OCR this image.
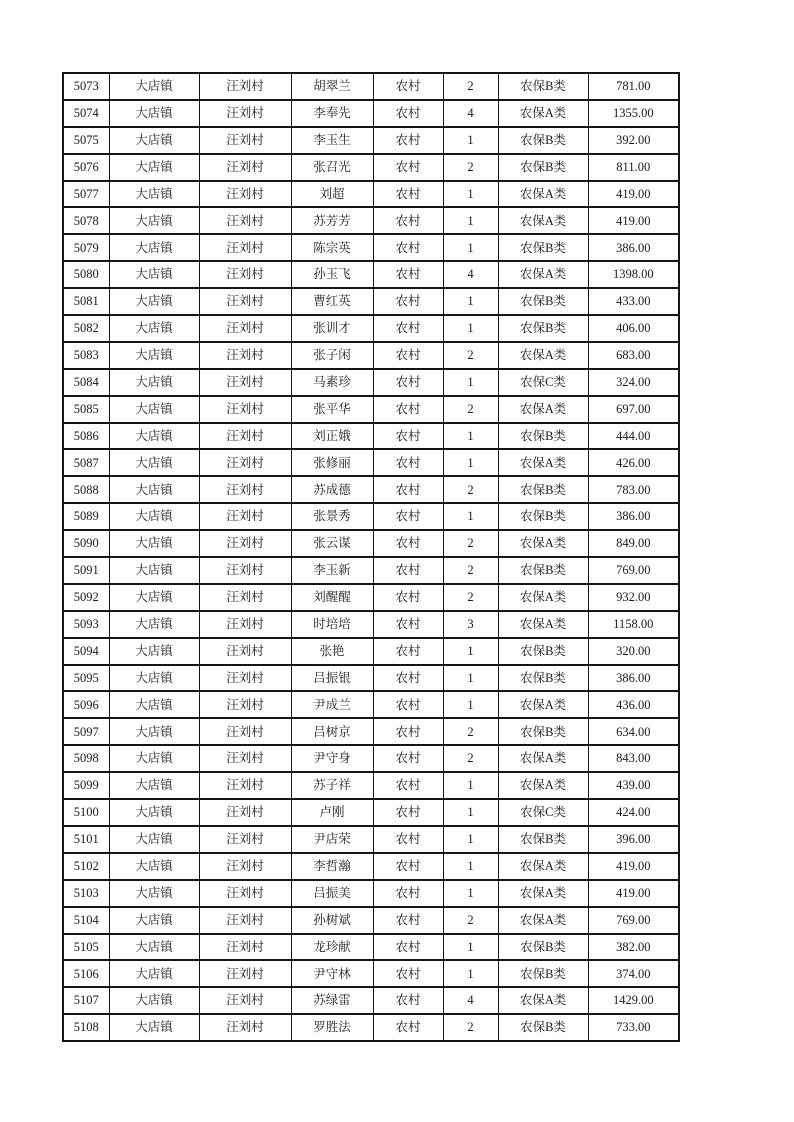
5073	大店镇	汪刘村	胡翠兰	农村	2	农保B类	781.00
5074	大店镇	汪刘村	李奉先	农村	4	农保A类	1355.00
5075	大店镇	汪刘村	李玉生	农村	1	农保B类	392.00
5076	大店镇	汪刘村	张召光	农村	2	农保B类	811.00
5077	大店镇	汪刘村	刘超	农村	1	农保A类	419.00
5078	大店镇	汪刘村	苏芳芳	农村	1	农保A类	419.00
5079	大店镇	汪刘村	陈宗英	农村	1	农保B类	386.00
5080	大店镇	汪刘村	孙玉飞	农村	4	农保A类	1398.00
5081	大店镇	汪刘村	曹红英	农村	1	农保B类	433.00
5082	大店镇	汪刘村	张训才	农村	1	农保B类	406.00
5083	大店镇	汪刘村	张子闲	农村	2	农保A类	683.00
5084	大店镇	汪刘村	马素珍	农村	1	农保C类	324.00
5085	大店镇	汪刘村	张平华	农村	2	农保A类	697.00
5086	大店镇	汪刘村	刘正娥	农村	1	农保B类	444.00
5087	大店镇	汪刘村	张修丽	农村	1	农保A类	426.00
5088	大店镇	汪刘村	苏成德	农村	2	农保B类	783.00
5089	大店镇	汪刘村	张景秀	农村	1	农保B类	386.00
5090	大店镇	汪刘村	张云谋	农村	2	农保A类	849.00
5091	大店镇	汪刘村	李玉新	农村	2	农保B类	769.00
5092	大店镇	汪刘村	刘醒醒	农村	2	农保A类	932.00
5093	大店镇	汪刘村	时培培	农村	3	农保A类	1158.00
5094	大店镇	汪刘村	张艳	农村	1	农保B类	320.00
5095	大店镇	汪刘村	吕振银	农村	1	农保B类	386.00
5096	大店镇	汪刘村	尹成兰	农村	1	农保A类	436.00
5097	大店镇	汪刘村	吕树京	农村	2	农保B类	634.00
5098	大店镇	汪刘村	尹守身	农村	2	农保A类	843.00
5099	大店镇	汪刘村	苏子祥	农村	1	农保A类	439.00
5100	大店镇	汪刘村	卢刚	农村	1	农保C类	424.00
5101	大店镇	汪刘村	尹店荣	农村	1	农保B类	396.00
5102	大店镇	汪刘村	李哲瀚	农村	1	农保A类	419.00
5103	大店镇	汪刘村	吕振美	农村	1	农保A类	419.00
5104	大店镇	汪刘村	孙树斌	农村	2	农保A类	769.00
5105	大店镇	汪刘村	龙珍献	农村	1	农保B类	382.00
5106	大店镇	汪刘村	尹守林	农村	1	农保B类	374.00
5107	大店镇	汪刘村	苏绿雷	农村	4	农保A类	1429.00
5108	大店镇	汪刘村	罗胜法	农村	2	农保B类	733.00
